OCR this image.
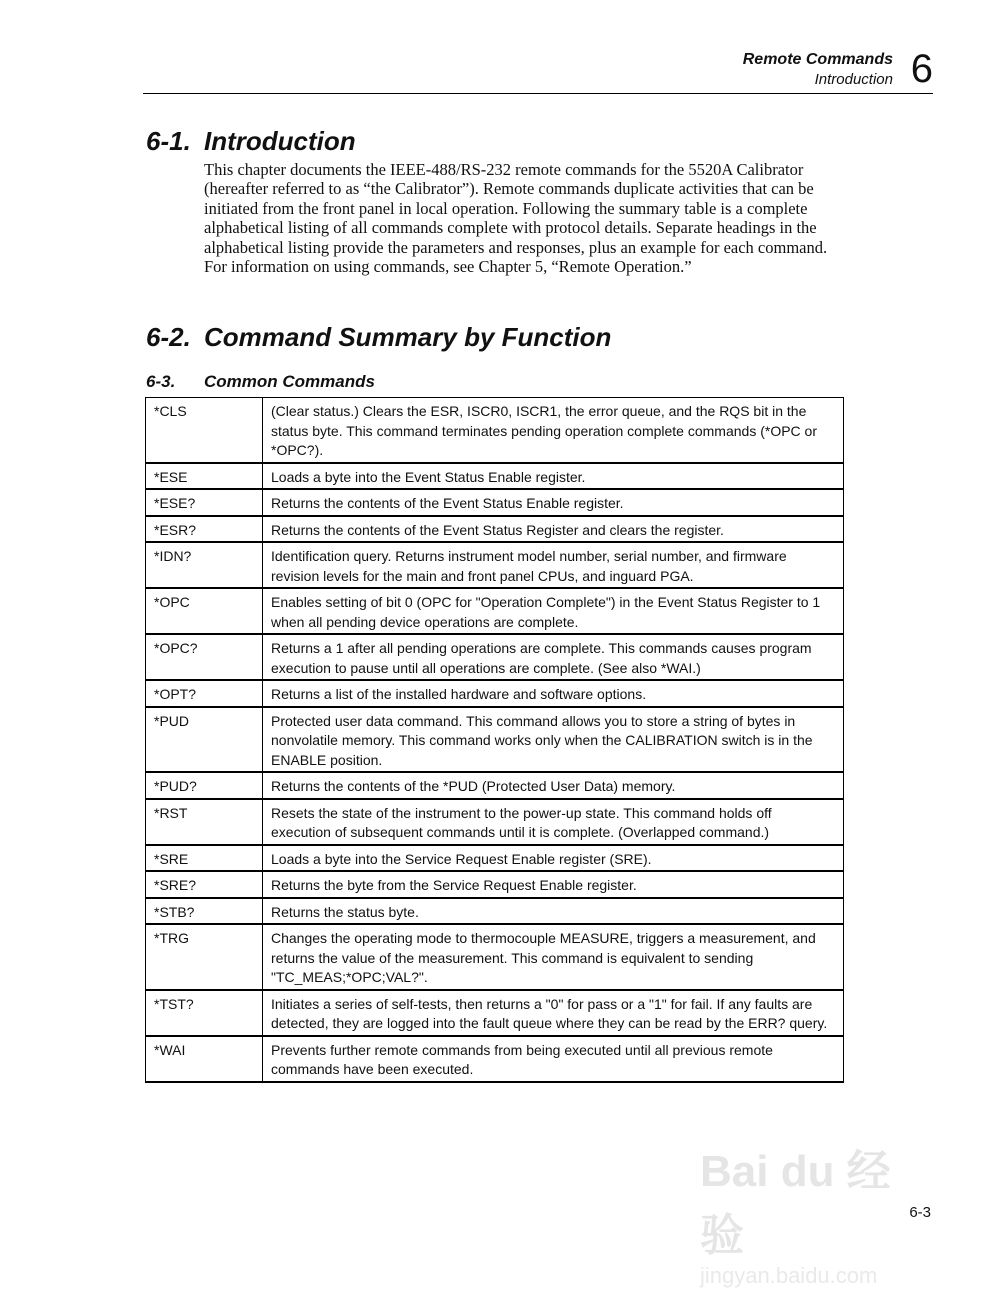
Remote Commands
Introduction 6
6-1. Introduction

This chapter documents the IEEE-488/RS-232 remote commands for the 5520A Calibrator (hereafter referred to as “the Calibrator”). Remote commands duplicate activities that can be initiated from the front panel in local operation. Following the summary table is a complete alphabetical listing of all commands complete with protocol details. Separate headings in the alphabetical listing provide the parameters and responses, plus an example for each command. For information on using commands, see Chapter 5, “Remote Operation.”

6-2. Command Summary by Function
6-3. Common Commands
*CLS	(Clear status.) Clears the ESR, ISCR0, ISCR1, the error queue, and the RQS bit in the status byte. This command terminates pending operation complete commands (*OPC or *OPC?).
*ESE	Loads a byte into the Event Status Enable register.
*ESE?	Returns the contents of the Event Status Enable register.
*ESR?	Returns the contents of the Event Status Register and clears the register.
*IDN?	Identification query. Returns instrument model number, serial number, and firmware revision levels for the main and front panel CPUs, and inguard PGA.
*OPC	Enables setting of bit 0 (OPC for "Operation Complete") in the Event Status Register to 1 when all pending device operations are complete.
*OPC?	Returns a 1 after all pending operations are complete. This commands causes program execution to pause until all operations are complete. (See also *WAI.)
*OPT?	Returns a list of the installed hardware and software options.
*PUD	Protected user data command. This command allows you to store a string of bytes in nonvolatile memory. This command works only when the CALIBRATION switch is in the ENABLE position.
*PUD?	Returns the contents of the *PUD (Protected User Data) memory.
*RST	Resets the state of the instrument to the power-up state. This command holds off execution of subsequent commands until it is complete. (Overlapped command.)
*SRE	Loads a byte into the Service Request Enable register (SRE).
*SRE?	Returns the byte from the Service Request Enable register.
*STB?	Returns the status byte.
*TRG	Changes the operating mode to thermocouple MEASURE, triggers a measurement, and returns the value of the measurement. This command is equivalent to sending "TC_MEAS;*OPC;VAL?".
*TST?	Initiates a series of self-tests, then returns a "0" for pass or a "1" for fail. If any faults are detected, they are logged into the fault queue where they can be read by the ERR? query.
*WAI	Prevents further remote commands from being executed until all previous remote commands have been executed.
Bai du 经验
jingyan.baidu.com
6-3
